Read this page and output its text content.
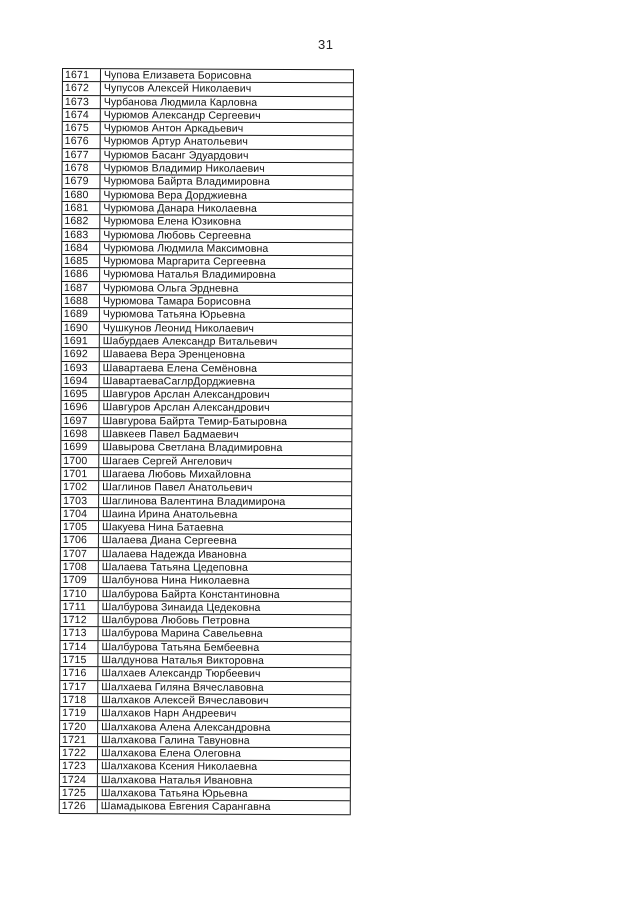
31
1671	Чупова Елизавета Борисовна
1672	Чупусов Алексей Николаевич
1673	Чурбанова Людмила Карловна
1674	Чурюмов Александр Сергеевич
1675	Чурюмов Антон Аркадьевич
1676	Чурюмов Артур Анатольевич
1677	Чурюмов Басанг Эдуардович
1678	Чурюмов Владимир Николаевич
1679	Чурюмова Байрта Владимировна
1680	Чурюмова Вера Дорджиевна
1681	Чурюмова Данара Николаевна
1682	Чурюмова Елена Юзиковна
1683	Чурюмова Любовь Сергеевна
1684	Чурюмова Людмила Максимовна
1685	Чурюмова Маргарита Сергеевна
1686	Чурюмова Наталья Владимировна
1687	Чурюмова Ольга Эрдневна
1688	Чурюмова Тамара Борисовна
1689	Чурюмова Татьяна Юрьевна
1690	Чушкунов Леонид Николаевич
1691	Шабурдаев Александр Витальевич
1692	Шаваева Вера Эренценовна
1693	Шавартаева Елена Семёновна
1694	ШавартаеваСаглрДорджиевна
1695	Шавгуров Арслан Александрович
1696	Шавгуров Арслан Александрович
1697	Шавгурова Байрта Темир-Батыровна
1698	Шавкеев Павел Бадмаевич
1699	Шавырова Светлана Владимировна
1700	Шагаев Сергей Ангелович
1701	Шагаева Любовь Михайловна
1702	Шаглинов Павел Анатольевич
1703	Шаглинова Валентина Владимирона
1704	Шаина Ирина Анатольевна
1705	Шакуева Нина Батаевна
1706	Шалаева Диана Сергеевна
1707	Шалаева Надежда Ивановна
1708	Шалаева Татьяна Цедеповна
1709	Шалбунова Нина Николаевна
1710	Шалбурова Байрта Константиновна
1711	Шалбурова Зинаида Цедековна
1712	Шалбурова Любовь Петровна
1713	Шалбурова Марина Савельевна
1714	Шалбурова Татьяна Бембеевна
1715	Шалдунова Наталья Викторовна
1716	Шалхаев Александр Тюрбеевич
1717	Шалхаева Гиляна Вячеславовна
1718	Шалхаков Алексей Вячеславович
1719	Шалхаков Нарн Андреевич
1720	Шалхакова Алена Александровна
1721	Шалхакова Галина Тавуновна
1722	Шалхакова Елена Олеговна
1723	Шалхакова Ксения Николаевна
1724	Шалхакова Наталья Ивановна
1725	Шалхакова Татьяна Юрьевна
1726	Шамадыкова Евгения Сарангавна
